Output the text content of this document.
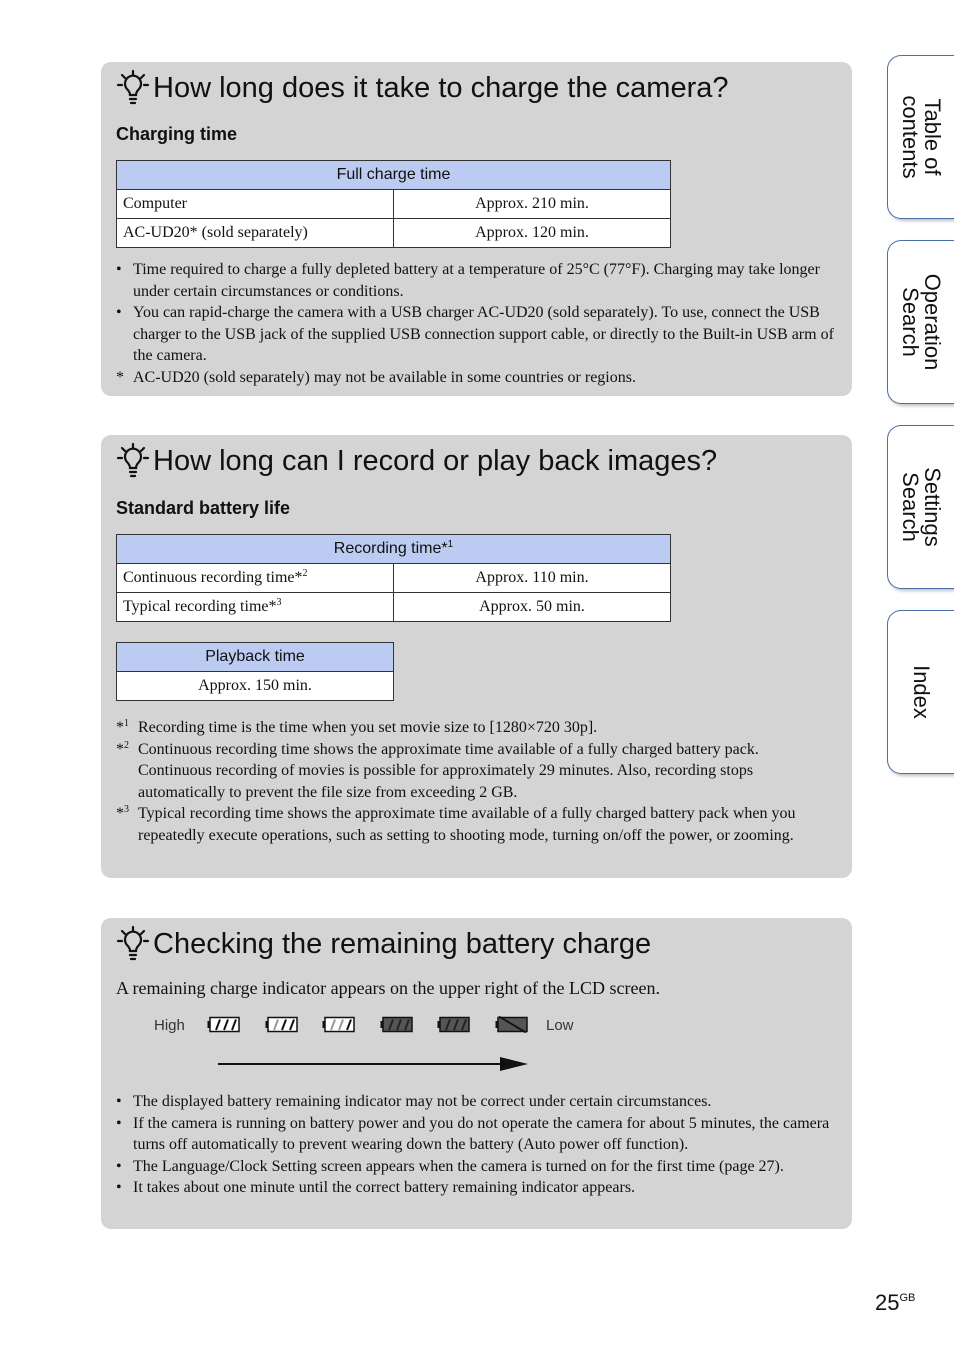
How long does it take to charge the camera?
Charging time
Full charge time	
Computer	Approx. 210 min.
AC-UD20* (sold separately)	Approx. 120 min.
• Time required to charge a fully depleted battery at a temperature of 25°C (77°F). Charging may take longer under certain circumstances or conditions.
• You can rapid-charge the camera with a USB charger AC-UD20 (sold separately). To use, connect the USB charger to the USB jack of the supplied USB connection support cable, or directly to the Built-in USB arm of the camera.
* AC-UD20 (sold separately) may not be available in some countries or regions.
How long can I record or play back images?
Standard battery life
Recording time*$^1$
Continuous recording time*$^2$	Approx. 110 min.
Typical recording time*$^3$	Approx. 50 min.
Playback time
Approx. 150 min.
*$^1$ Recording time is the time when you set movie size to [1280×720 30p].
*$^2$ Continuous recording time shows the approximate time available of a fully charged battery pack. Continuous recording of movies is possible for approximately 29 minutes. Also, recording stops automatically to prevent the file size from exceeding 2 GB.
*$^3$ Typical recording time shows the approximate time available of a fully charged battery pack when you repeatedly execute operations, such as setting to shooting mode, turning on/off the power, or zooming.
Checking the remaining battery charge
A remaining charge indicator appears on the upper right of the LCD screen.
• The displayed battery remaining indicator may not be correct under certain circumstances.
• If the camera is running on battery power and you do not operate the camera for about 5 minutes, the camera turns off automatically to prevent wearing down the battery (Auto power off function).
• The Language/Clock Setting screen appears when the camera is turned on for the first time (page 27).
• It takes about one minute until the correct battery remaining indicator appears.
High	Low
Table of contents
Operation Search
Settings Search
Index
$25^{GB}$
